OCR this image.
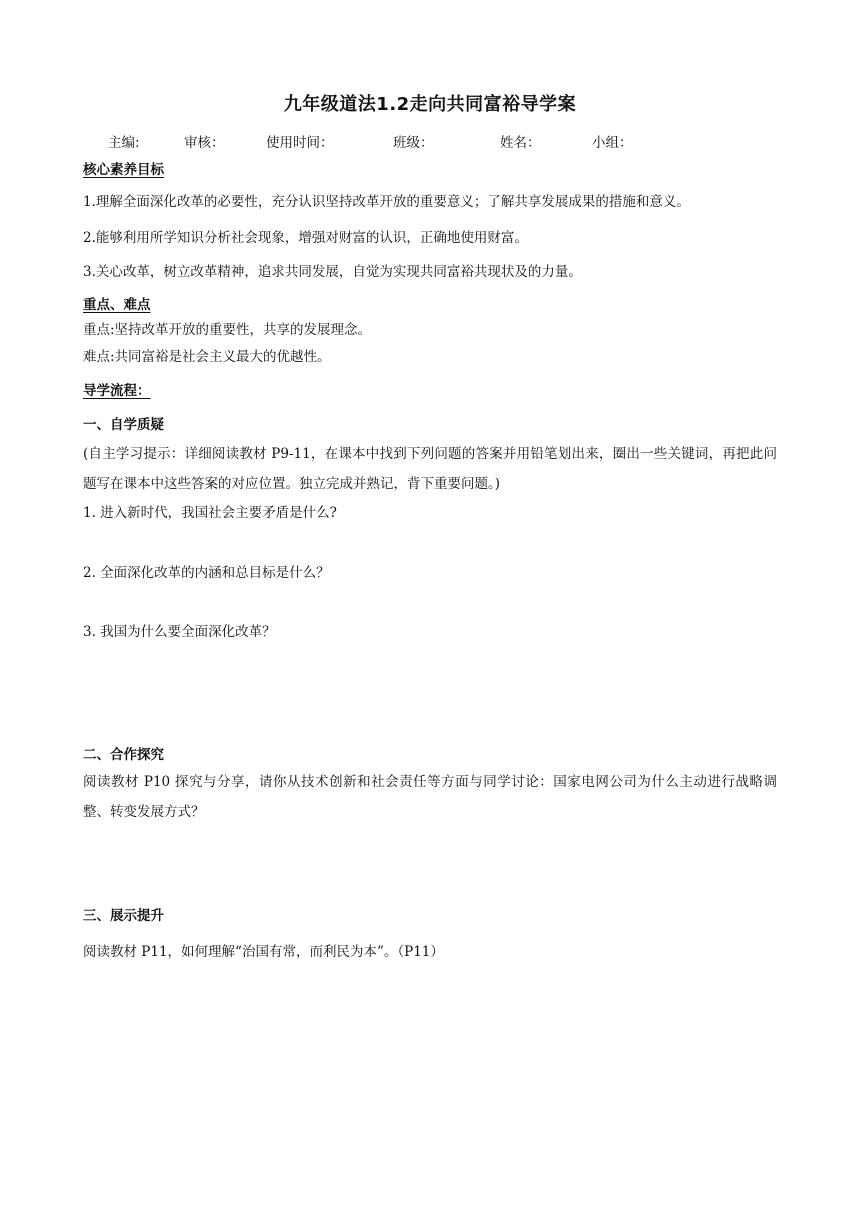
九年级道法1.2走向共同富裕导学案
主编:	审核：	使用时间：	班级：	姓名：	小组：
核心素养目标
1.理解全面深化改革的必要性，充分认识坚持改革开放的重要意义；了解共享发展成果的措施和意义。
2.能够利用所学知识分析社会现象，增强对财富的认识，正确地使用财富。
3.关心改革，树立改革精神，追求共同发展，自觉为实现共同富裕共现状及的力量。
重点、难点
重点:坚持改革开放的重要性，共享的发展理念。
难点:共同富裕是社会主义最大的优越性。
导学流程：
一、自学质疑
(自主学习提示：详细阅读教材 P9-11，在课本中找到下列问题的答案并用铅笔划出来，圈出一些关键词，再把此问题写在课本中这些答案的对应位置。独立完成并熟记，背下重要问题。)
1. 进入新时代，我国社会主要矛盾是什么?
2. 全面深化改革的内涵和总目标是什么？
3. 我国为什么要全面深化改革？
二、合作探究
阅读教材 P10 探究与分享，请你从技术创新和社会责任等方面与同学讨论：国家电网公司为什么主动进行战略调整、转变发展方式？
三、展示提升
阅读教材 P11，如何理解“治国有常，而利民为本”。（P11）
